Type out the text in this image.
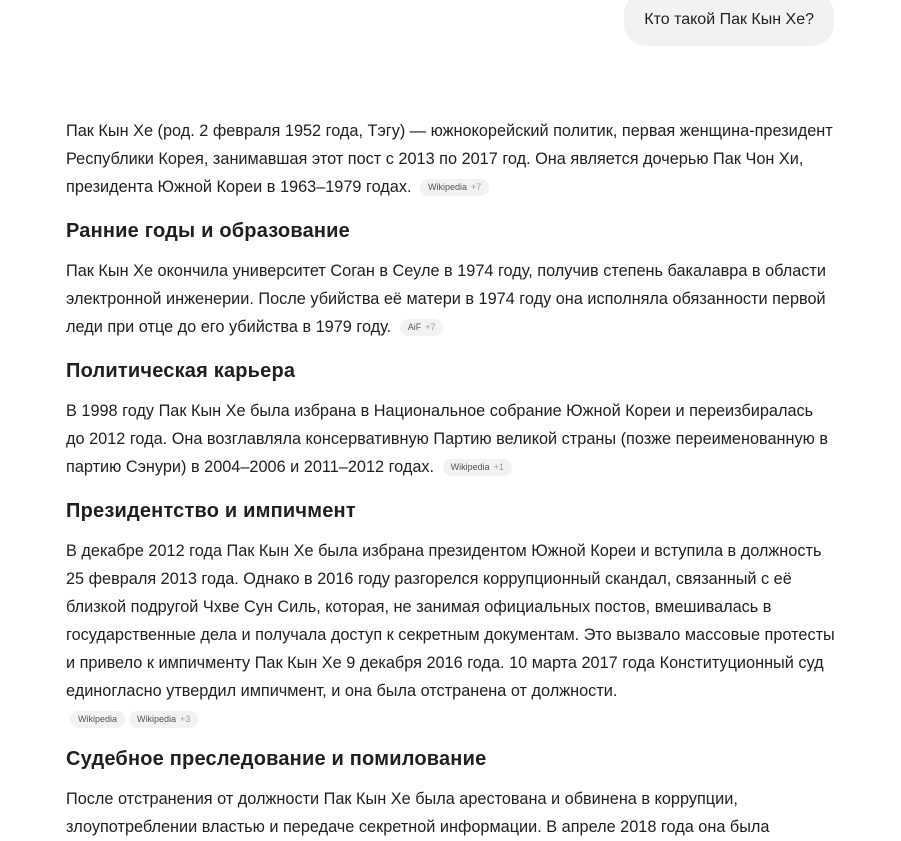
Кто такой Пак Кын Хе?

Пак Кын Хе (род. 2 февраля 1952 года, Тэгу) — южнокорейский политик, первая женщина-президент Республики Корея, занимавшая этот пост с 2013 по 2017 год. Она является дочерью Пак Чон Хи, президента Южной Кореи в 1963–1979 годах. Wikipedia +7

Ранние годы и образование

Пак Кын Хе окончила университет Соган в Сеуле в 1974 году, получив степень бакалавра в области электронной инженерии. После убийства её матери в 1974 году она исполняла обязанности первой леди при отце до его убийства в 1979 году. AiF +7

Политическая карьера

В 1998 году Пак Кын Хе была избрана в Национальное собрание Южной Кореи и переизбиралась до 2012 года. Она возглавляла консервативную Партию великой страны (позже переименованную в партию Сэнури) в 2004–2006 и 2011–2012 годах. Wikipedia +1

Президентство и импичмент

В декабре 2012 года Пак Кын Хе была избрана президентом Южной Кореи и вступила в должность 25 февраля 2013 года. Однако в 2016 году разгорелся коррупционный скандал, связанный с её близкой подругой Чхве Сун Силь, которая, не занимая официальных постов, вмешивалась в государственные дела и получала доступ к секретным документам. Это вызвало массовые протесты и привело к импичменту Пак Кын Хе 9 декабря 2016 года. 10 марта 2017 года Конституционный суд единогласно утвердил импичмент, и она была отстранена от должности.

Wikipedia Wikipedia +3
Судебное преследование и помилование

После отстранения от должности Пак Кын Хе была арестована и обвинена в коррупции, злоупотреблении властью и передаче секретной информации. В апреле 2018 года она была
